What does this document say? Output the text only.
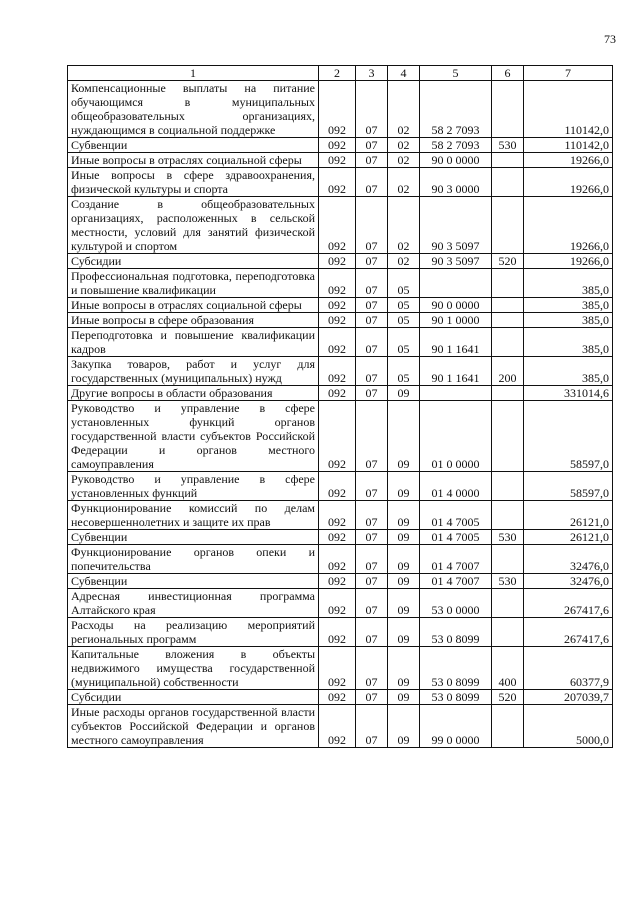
73
1	2	3	4	5	6	7
Компенсационные выплаты на питание обучающимся в муниципальных общеобразовательных организациях, нуждающимся в социальной поддержке	092	07	02	58 2 7093		110142,0
Субвенции	092	07	02	58 2 7093	530	110142,0
Иные вопросы в отраслях социальной сферы	092	07	02	90 0 0000		19266,0
Иные вопросы в сфере здравоохранения, физической культуры и спорта	092	07	02	90 3 0000		19266,0
Создание в общеобразовательных организациях, расположенных в сельской местности, условий для занятий физической культурой и спортом	092	07	02	90 3 5097		19266,0
Субсидии	092	07	02	90 3 5097	520	19266,0
Профессиональная подготовка, переподготовка и повышение квалификации	092	07	05			385,0
Иные вопросы в отраслях социальной сферы	092	07	05	90 0 0000		385,0
Иные вопросы в сфере образования	092	07	05	90 1 0000		385,0
Переподготовка и повышение квалификации кадров	092	07	05	90 1 1641		385,0
Закупка товаров, работ и услуг для государственных (муниципальных) нужд	092	07	05	90 1 1641	200	385,0
Другие вопросы в области образования	092	07	09			331014,6
Руководство и управление в сфере установленных функций органов государственной власти субъектов Российской Федерации и органов местного самоуправления	092	07	09	01 0 0000		58597,0
Руководство и управление в сфере установленных функций	092	07	09	01 4 0000		58597,0
Функционирование комиссий по делам несовершеннолетних и защите их прав	092	07	09	01 4 7005		26121,0
Субвенции	092	07	09	01 4 7005	530	26121,0
Функционирование органов опеки и попечительства	092	07	09	01 4 7007		32476,0
Субвенции	092	07	09	01 4 7007	530	32476,0
Адресная инвестиционная программа Алтайского края	092	07	09	53 0 0000		267417,6
Расходы на реализацию мероприятий региональных программ	092	07	09	53 0 8099		267417,6
Капитальные вложения в объекты недвижимого имущества государственной (муниципальной) собственности	092	07	09	53 0 8099	400	60377,9
Субсидии	092	07	09	53 0 8099	520	207039,7
Иные расходы органов государственной власти субъектов Российской Федерации и органов местного самоуправления	092	07	09	99 0 0000		5000,0
